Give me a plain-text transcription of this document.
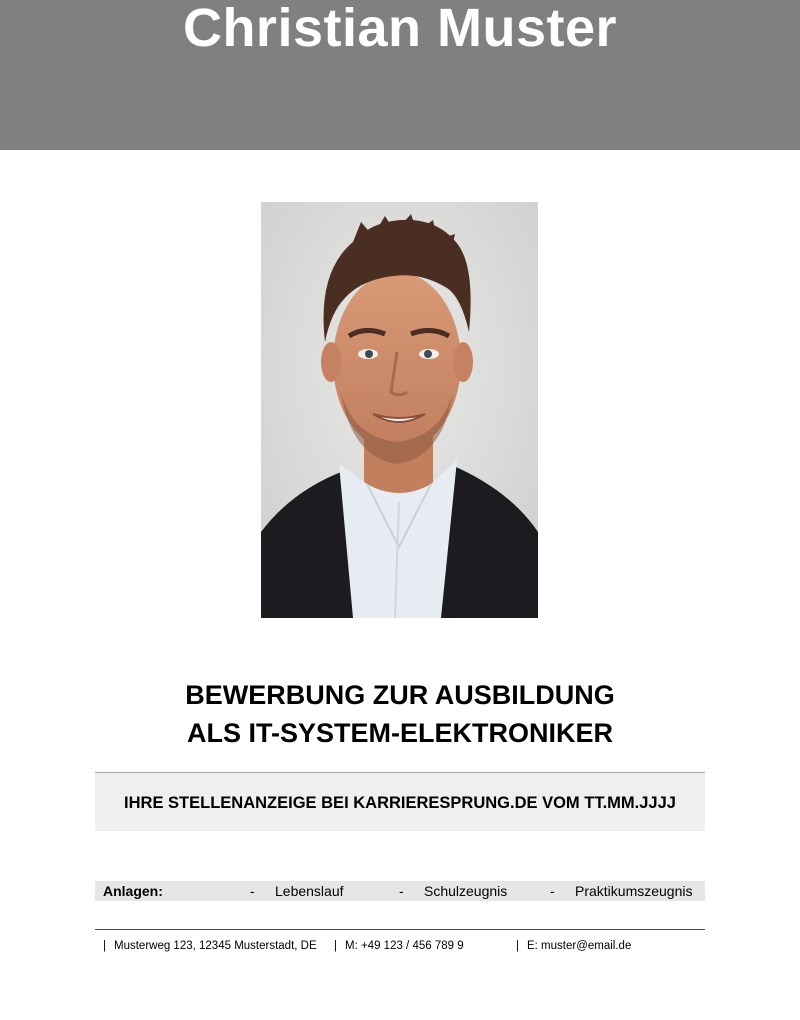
Christian Muster
BEWERBUNG ZUR AUSBILDUNG
ALS IT-SYSTEM-ELEKTRONIKER
IHRE STELLENANZEIGE BEI KARRIERESPRUNG.DE VOM TT.MM.JJJJ
Anlagen:	- Lebenslauf	- Schulzeugnis	- Praktikumszeugnis
| Musterweg 123, 12345 Musterstadt, DE | M: +49 123 / 456 789 9	| E: muster@email.de
